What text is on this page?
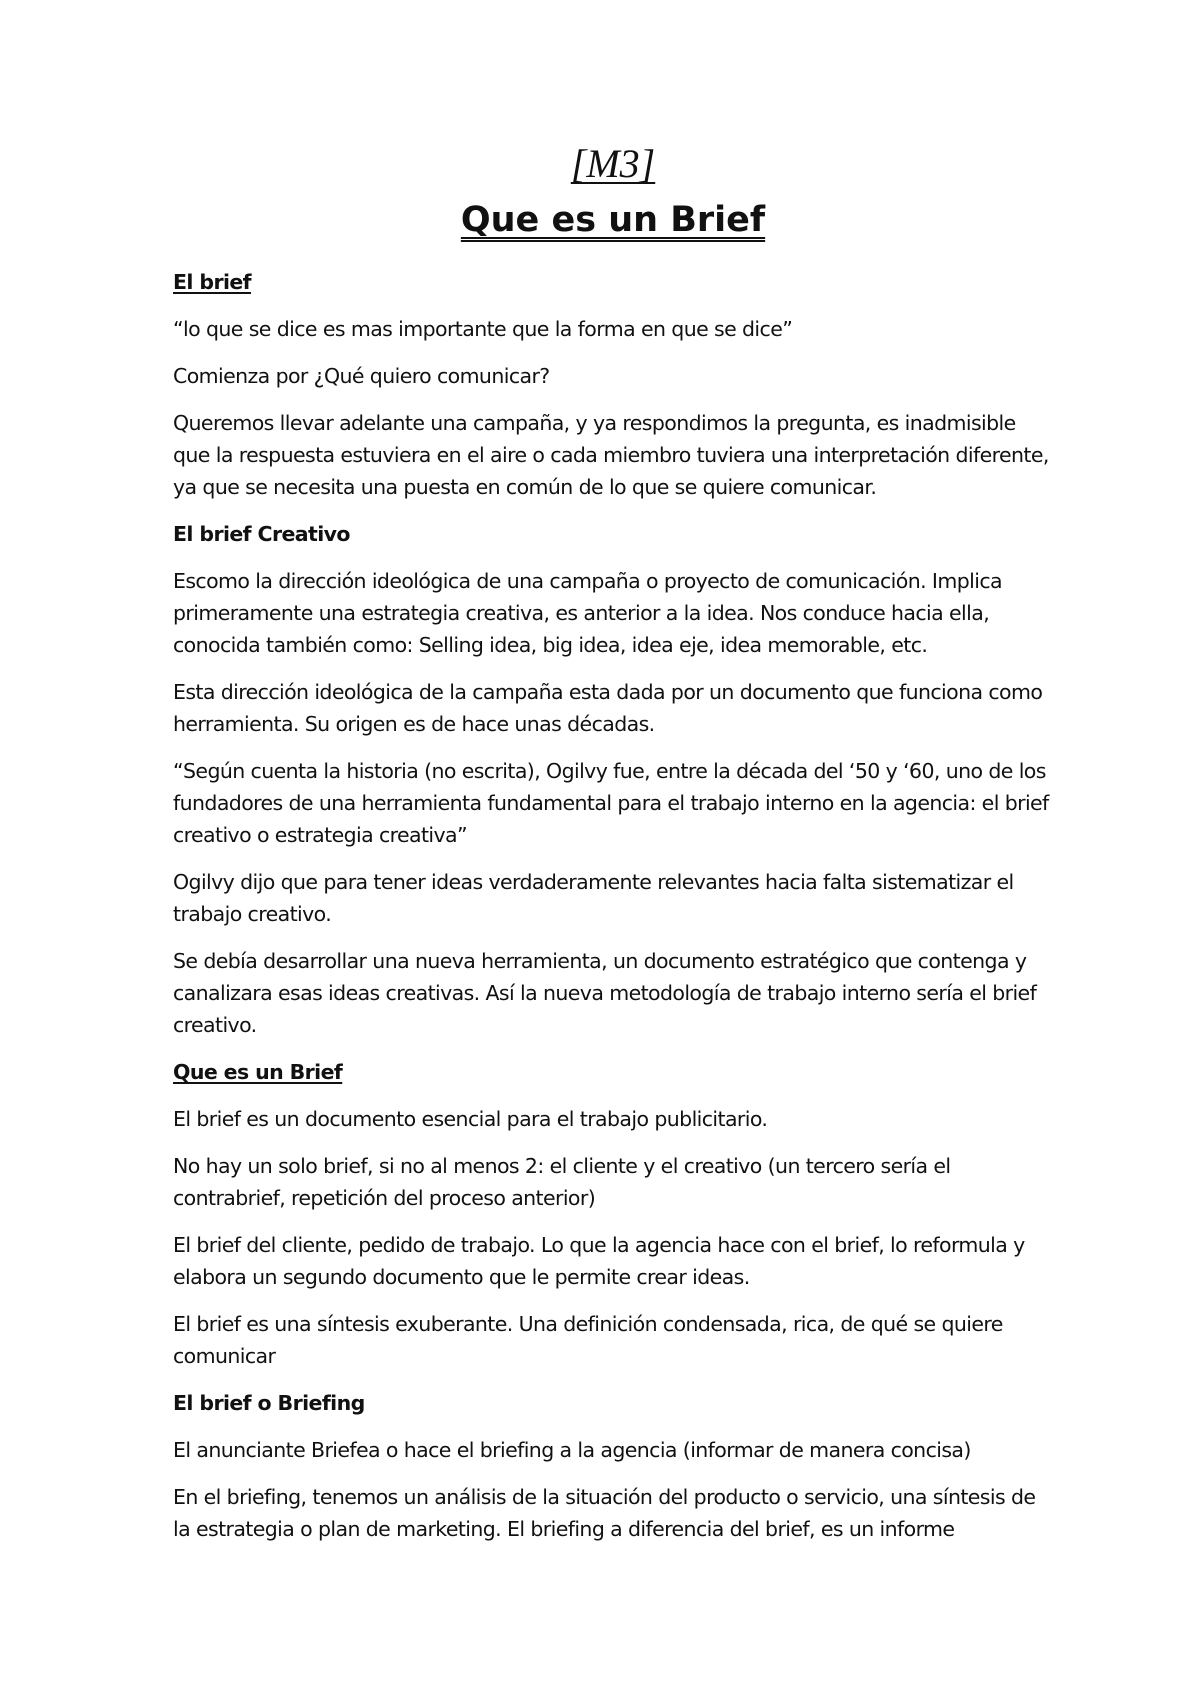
[M3]

Que es un Brief

El brief

“lo que se dice es mas importante que la forma en que se dice”

Comienza por ¿Qué quiero comunicar?

Queremos llevar adelante una campaña, y ya respondimos la pregunta, es inadmisible que la respuesta estuviera en el aire o cada miembro tuviera una interpretación diferente, ya que se necesita una puesta en común de lo que se quiere comunicar.

El brief Creativo

Escomo la dirección ideológica de una campaña o proyecto de comunicación. Implica primeramente una estrategia creativa, es anterior a la idea. Nos conduce hacia ella, conocida también como: Selling idea, big idea, idea eje, idea memorable, etc.

Esta dirección ideológica de la campaña esta dada por un documento que funciona como herramienta. Su origen es de hace unas décadas.

“Según cuenta la historia (no escrita), Ogilvy fue, entre la década del ‘50 y ‘60, uno de los fundadores de una herramienta fundamental para el trabajo interno en la agencia: el brief creativo o estrategia creativa”

Ogilvy dijo que para tener ideas verdaderamente relevantes hacia falta sistematizar el trabajo creativo.

Se debía desarrollar una nueva herramienta, un documento estratégico que contenga y canalizara esas ideas creativas. Así la nueva metodología de trabajo interno sería el brief creativo.

Que es un Brief

El brief es un documento esencial para el trabajo publicitario.

No hay un solo brief, si no al menos 2: el cliente y el creativo (un tercero sería el contrabrief, repetición del proceso anterior)

El brief del cliente, pedido de trabajo. Lo que la agencia hace con el brief, lo reformula y elabora un segundo documento que le permite crear ideas.

El brief es una síntesis exuberante. Una definición condensada, rica, de qué se quiere comunicar

El brief o Briefing

El anunciante Briefea o hace el briefing a la agencia (informar de manera concisa)

En el briefing, tenemos un análisis de la situación del producto o servicio, una síntesis de la estrategia o plan de marketing. El briefing a diferencia del brief, es un informe
